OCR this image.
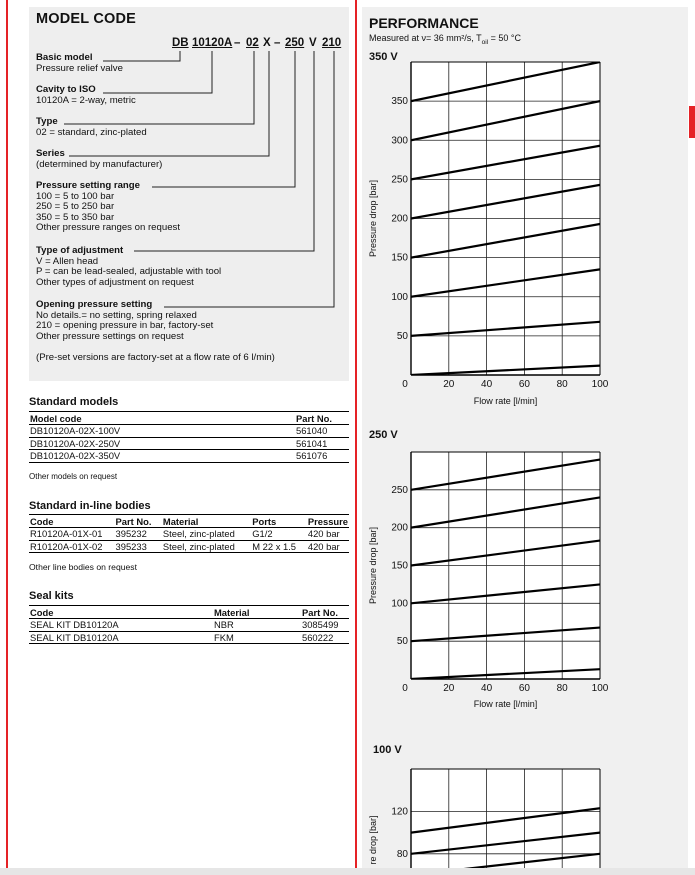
MODEL CODE
DB 10120A – 02 X – 250 V 210
Basic model
Pressure relief valve
Cavity to ISO
10120A = 2-way, metric
Type
02 = standard, zinc-plated
Series
(determined by manufacturer)
Pressure setting range
100 = 5 to 100 bar
250 = 5 to 250 bar
350 = 5 to 350 bar
Other pressure ranges on request
Type of adjustment
V = Allen head
P = can be lead-sealed, adjustable with tool
Other types of adjustment on request
Opening pressure setting
No details.= no setting, spring relaxed
210 = opening pressure in bar, factory-set
Other pressure settings on request
(Pre-set versions are factory-set at a flow rate of 6 l/min)
Standard models
Model code	Part No.
DB10120A-02X-100V	561040
DB10120A-02X-250V	561041
DB10120A-02X-350V	561076
Other models on request
Standard in-line bodies
Code	Part No.	Material	Ports	Pressure
R10120A-01X-01	395232	Steel, zinc-plated	G1/2	420 bar
R10120A-01X-02	395233	Steel, zinc-plated	M 22 x 1.5	420 bar
Other line bodies on request
Seal kits
Code	Material	Part No.
SEAL KIT DB10120A	NBR	3085499
SEAL KIT DB10120A	FKM	560222
PERFORMANCE
Measured at ν= 36 mm²/s, $T_{oil} = 50$ °C
350 V
250 V
100 V
50
100
150
200
250
300
350
0	20	40	60	80 100
Flow rate [l/min]
Pressure drop [bar]
50
100
150
200
250
0	20	40	60	80 100
Flow rate [l/min]
Pressure drop [bar]
80
120
re drop [bar]
